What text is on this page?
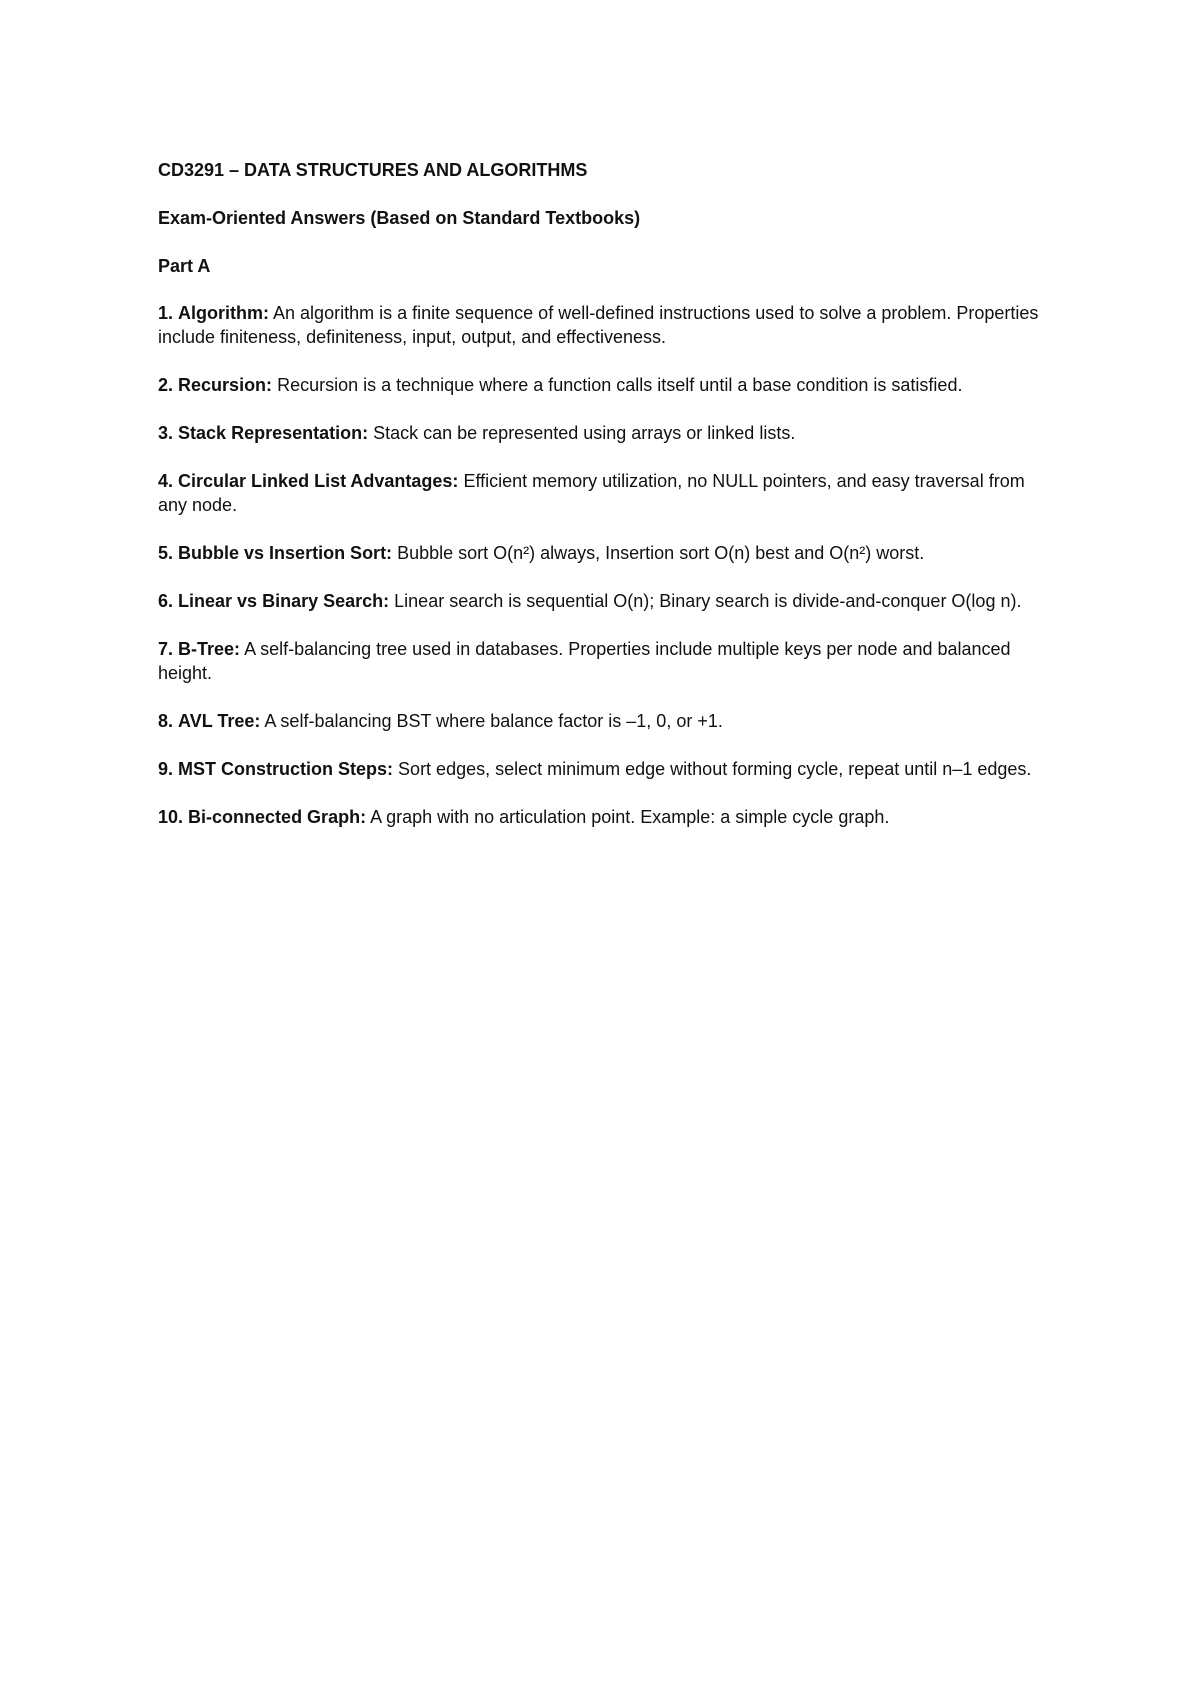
CD3291 – DATA STRUCTURES AND ALGORITHMS

Exam-Oriented Answers (Based on Standard Textbooks)

Part A

1. Algorithm: An algorithm is a finite sequence of well-defined instructions used to solve a problem. Properties include finiteness, definiteness, input, output, and effectiveness.
2. Recursion: Recursion is a technique where a function calls itself until a base condition is satisfied.
3. Stack Representation: Stack can be represented using arrays or linked lists.
4. Circular Linked List Advantages: Efficient memory utilization, no NULL pointers, and easy traversal from any node.
5. Bubble vs Insertion Sort: Bubble sort O(n²) always, Insertion sort O(n) best and O(n²) worst.
6. Linear vs Binary Search: Linear search is sequential O(n); Binary search is divide-and-conquer O(log n).
7. B-Tree: A self-balancing tree used in databases. Properties include multiple keys per node and balanced height.
8. AVL Tree: A self-balancing BST where balance factor is –1, 0, or +1.
9. MST Construction Steps: Sort edges, select minimum edge without forming cycle, repeat until n–1 edges.
10. Bi-connected Graph: A graph with no articulation point. Example: a simple cycle graph.
